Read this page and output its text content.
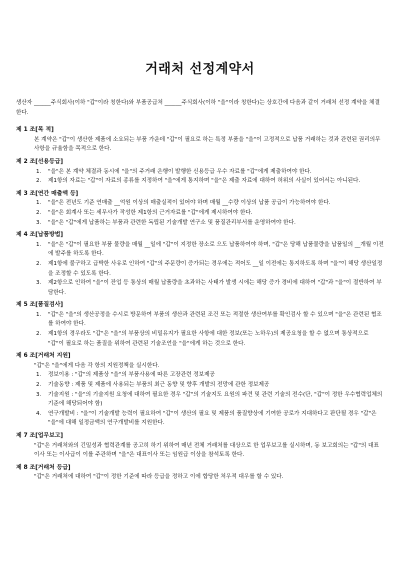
거래처 선정계약서

생산자 ______주식회사(이하 "갑"이라 칭한다)와 부품공급처 ______주식회사(이하 "을"이라 칭한다)는 상호간에 다음과 같이 거래처 선정 계약을 체결한다.

제 1 조[목 적]

본 계약은 "갑"이 생산한 제품에 소요되는 부품 가운데 "갑"이 필요로 하는 특정 부품을 "을"이 고정적으로 납품 거래하는 것과 관련된 권리의무 사항을 규율함을 목적으로 한다.

제 2 조[선용등급]
1.	"을"은 본 계약 체결과 동시에 "을"의 주거래 은행이 발행한 신용등급 우수 자료를 "갑"에게 제출하여야 한다.
2.	제1항의 자료는 "갑"이 자료의 종류를 지정하여 "을"에게 통지하며 "을"은 제출 자료에 대하여 허위의 사실이 있어서는 아니된다.
제 3 조[연간 매출액 등]
1.	"을"은 전년도 기준 연매출 __억원 이상의 매출실적이 있어야 하며 매월 __수량 이상의 납품 공급이 가능하여야 한다.
2.	"을"은 회계사 또는 세무사가 작성한 제1항의 근거자료를 "갑"에게 제시하여야 한다.
3.	"을"은 "갑"에게 납품하는 부품과 관련한 독립된 기술개발 연구소 및 품질관리부서를 운영하여야 한다.
제 4 조[납품방법]
1.	"을"은 "갑"이 필요한 부품 물량을 매월 __일에 "갑"이 지정한 장소로 으도 납품하여야 하며, "갑"은 당해 납품물량을 납품일의 __개월 이전에 발주를 하도록 한다.
2.	제1항에 불구하고 급박한 사유로 인하여 "갑"의 주문량이 증가되는 경우에는 적어도 __일 이전에는 통지하도록 하며 "을"이 해당 생산일정을 조정할 수 있도록 한다.
3.	제2항으로 인하여 "을"이 잔업 등 통상의 매월 납품량을 초과하는 사태가 발생 시에는 해당 증가 경비에 대하여 "갑"과 "을"이 절반하여 부담한다.
제 5 조[품질검사]
1.	"갑"은 "을"의 생산공정을 수시로 방문하여 부품의 생산과 관련된 조건 또는 적절한 생산여부를 확인검사 할 수 있으며 "을"은 관련된 협조를 하여야 한다.
2.	제1항의 경우라도 "갑"은 "을"의 부품상의 비밀유지가 필요한 사항에 대한 정보(또는 노하우)의 제공요청을 할 수 없으며 통상적으로 "갑"이 필요로 하는 품질을 위하여 관련된 기술조언을 "을"에게 하는 것으로 한다.
제 6 조[거래처 지원]

"갑"은 "을"에게 다음 각 항의 지원정책을 실시한다.

1.	정보이용 : "갑"의 제품상 "을"의 부품사용에 따른 고장관련 정보제공
2.	기술동향 : 제품 및 제품에 사용되는 부품의 최근 동향 및 향후 개발의 전망에 관한 정보제공
3.	기술지원 : "을"의 기술지원 요청에 대하여 필요한 경우 "갑"의 기술지도 요원의 파견 및 관련 기술의 전수(단, "갑"이 정한 우수협력업체의 기준에 해당되어야 함)
4.	연구개발비 : "을"이 기술개발 능력이 필요하여 "갑"이 생산의 필요 및 제품의 품질향상에 기여한 공로가 지대하다고 판단될 경우 "갑"은 "을"에 대해 일정금액의 연구개발비를 지원한다.
제 7 조[업무보고]

"갑"은 거래처와의 긴밀성과 협력관계를 공고히 하기 위하여 매년 전체 거래처를 대상으로 한 업무보고를 실시하며, 동 보고회의는 "갑"의 대표이사 또는 이사급이 이를 주관하며 "을"은 대표이사 또는 임원급 이상을 참석토록 한다.

제 8 조[거래처 등급]

"갑"은 거래처에 대하여 "갑"이 정한 기준에 따라 등급을 정하고 이에 합당한 처우적 대우를 할 수 있다.
